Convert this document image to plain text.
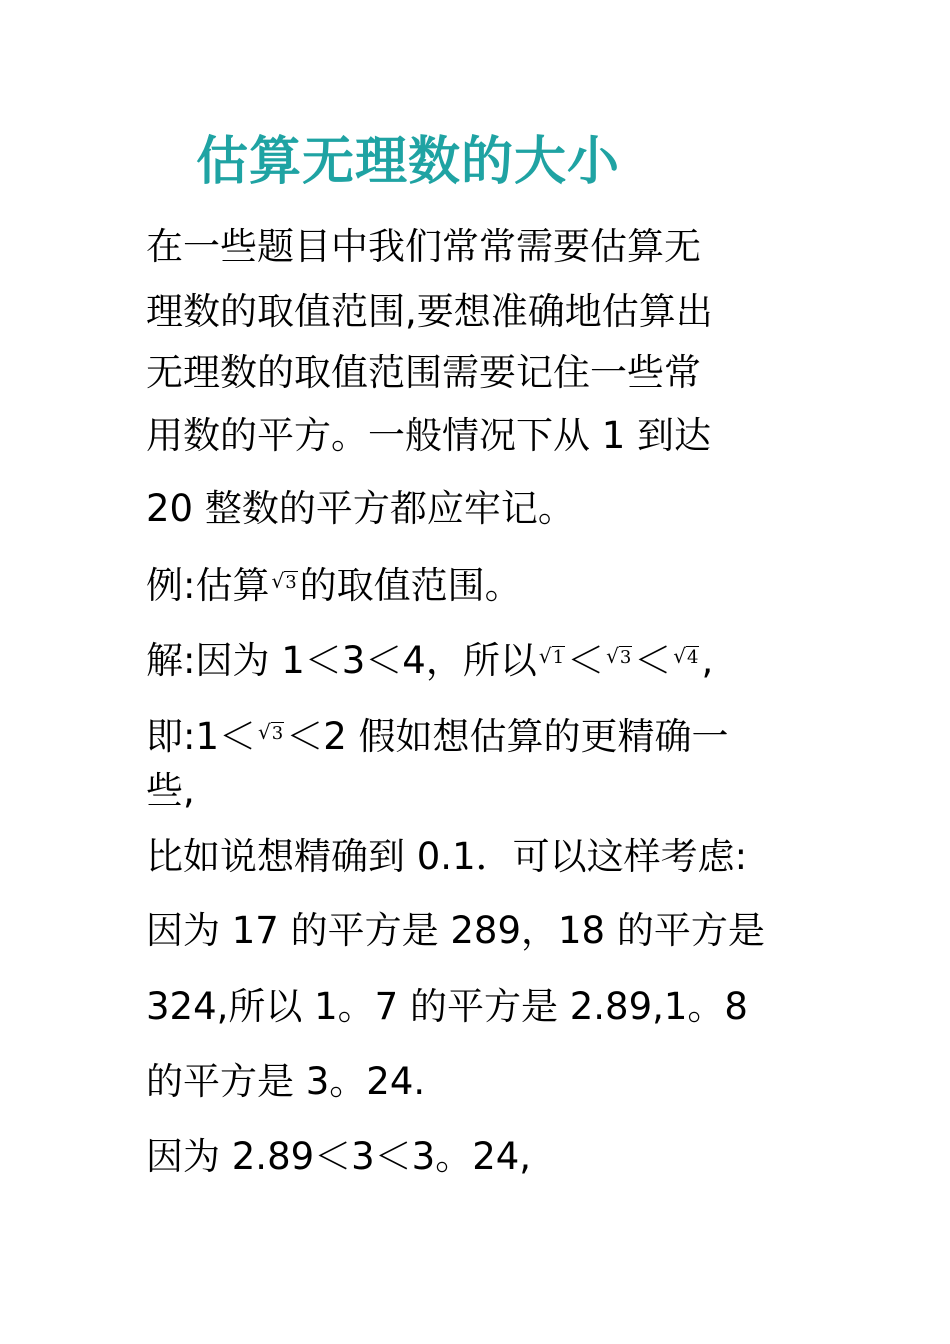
估算无理数的大小
在一些题目中我们常常需要估算无
理数的取值范围,要想准确地估算出
无理数的取值范围需要记住一些常
用数的平方。一般情况下从 1 到达
20 整数的平方都应牢记。
例:估算 √3的取值范围。
解:因为 1＜3＜4，所以 √1＜ √3＜ √4,
即:1＜ √3＜2 假如想估算的更精确一
些,
比如说想精确到 0.1．可以这样考虑:
因为 17 的平方是 289，18 的平方是
324,所以 1。7 的平方是 2.89,1。8
的平方是 3。24.
因为 2.89＜3＜3。24,
